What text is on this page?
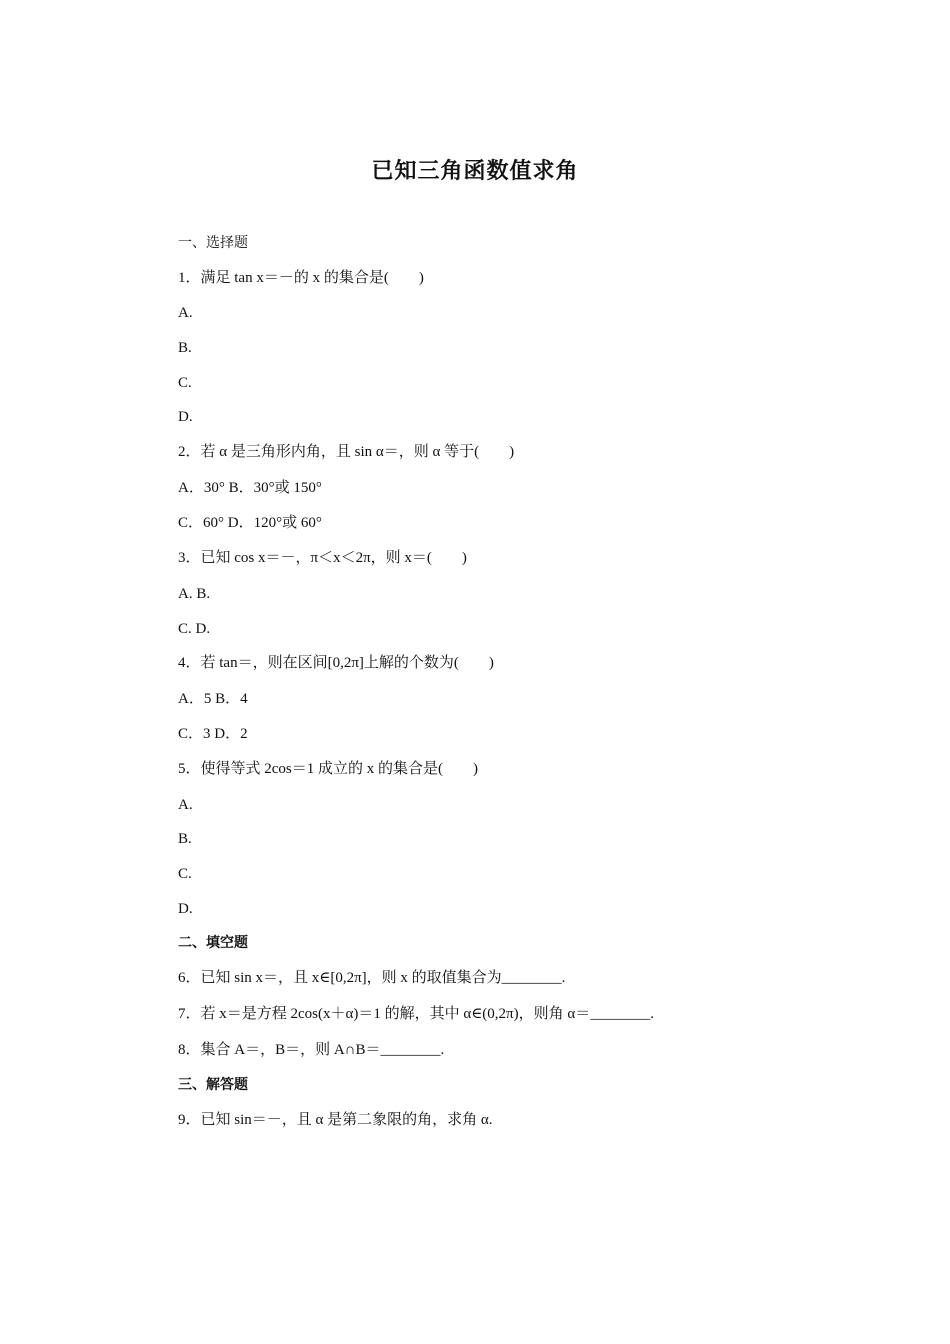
已知三角函数值求角
一、选择题
1．满足 tan x＝－的 x 的集合是(　　)
A.
B.
C.
D.
2．若 α 是三角形内角，且 sin α＝，则 α 等于(　　)
A．30° B．30°或 150°
C．60° D．120°或 60°
3．已知 cos x＝－，π＜x＜2π，则 x＝(　　)
A. B.
C. D.
4．若 tan＝，则在区间[0,2π]上解的个数为(　　)
A．5 B．4
C．3 D．2
5．使得等式 2cos＝1 成立的 x 的集合是(　　)
A.
B.
C.
D.
二、填空题
6．已知 sin x＝，且 x∈[0,2π]，则 x 的取值集合为________.
7．若 x＝是方程 2cos(x＋α)＝1 的解，其中 α∈(0,2π)，则角 α＝________.
8．集合 A＝，B＝，则 A∩B＝________.
三、解答题
9．已知 sin＝－，且 α 是第二象限的角，求角 α.
